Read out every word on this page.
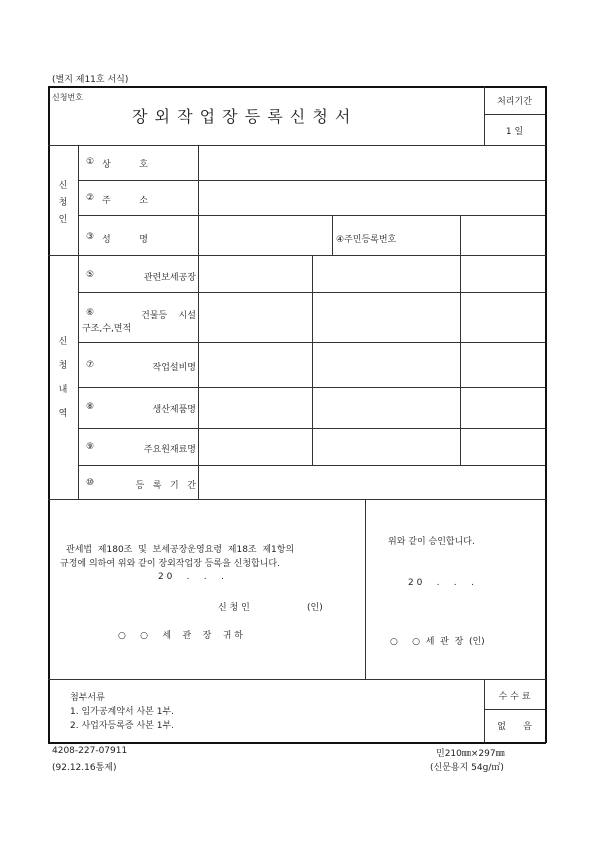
(별지 제11호 서식)
신청번호
장 외 작 업 장 등 록 신 청 서
처리기간
1 일
신
청
인
① 상          호
② 주          소
③ 성          명	④주민등록번호
신
청
내
역
⑤	관련보세공장
⑥	건물등    시설
구조,수,면적
⑦	작업설비명
⑧	생산제품명
⑨	주요원재료명
⑩	등   록   기   간
관세법  제180조  및  보세공장운영요령  제18조  제1항의
규정에 의하여 위와 같이 장외작업장 등록을 신청합니다.
2 0     .     .     .
신 청 인                    (인)
○     ○     세    관    장    귀 하
위와 같이 승인합니다.
2 0     .     .     .
○     ○  세  관  장  (인)
첨부서류
1. 임가공계약서 사본 1부.
2. 사업자등록증 사본 1부.
수 수 료
없      음
4208-227-07911
(92.12.16통제)
민210㎜×297㎜
(신문용지 54g/㎡)
